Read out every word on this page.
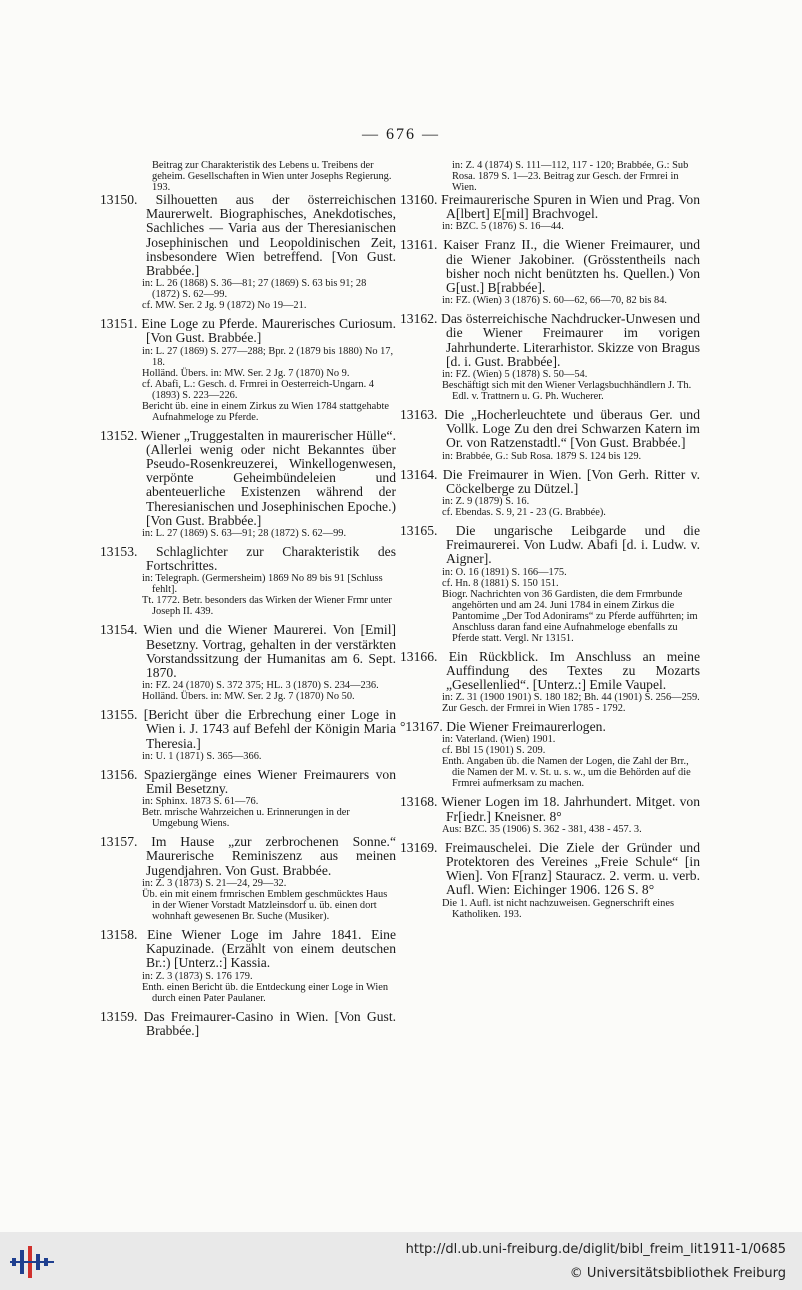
— 676 —
Beitrag zur Charakteristik des Lebens u. Treibens der geheim. Gesellschaften in Wien unter Josephs Regierung. 193.
13150. Silhouetten aus der österreichischen Maurerwelt. Biographisches, Anekdotisches, Sachliches — Varia aus der Theresianischen Josephinischen und Leopoldinischen Zeit, insbesondere Wien betreffend. [Von Gust. Brabbée.]
in: L. 26 (1868) S. 36—81; 27 (1869) S. 63 bis 91; 28 (1872) S. 62—99.
cf. MW. Ser. 2 Jg. 9 (1872) No 19—21.
13151. Eine Loge zu Pferde. Maurerisches Curiosum. [Von Gust. Brabbée.]
in: L. 27 (1869) S. 277—288; Bpr. 2 (1879 bis 1880) No 17, 18.
Holländ. Übers. in: MW. Ser. 2 Jg. 7 (1870) No 9.
cf. Abafi, L.: Gesch. d. Frmrei in Oesterreich-Ungarn. 4 (1893) S. 223—226.
Bericht üb. eine in einem Zirkus zu Wien 1784 stattgehabte Aufnahmeloge zu Pferde.
13152. Wiener „Truggestalten in maurerischer Hülle“. (Allerlei wenig oder nicht Bekanntes über Pseudo-Rosenkreuzerei, Winkellogenwesen, verpönte Geheimbündeleien und abenteuerliche Existenzen während der Theresianischen und Josephinischen Epoche.) [Von Gust. Brabbée.]
in: L. 27 (1869) S. 63—91; 28 (1872) S. 62—99.
13153. Schlaglichter zur Charakteristik des Fortschrittes.
in: Telegraph. (Germersheim) 1869 No 89 bis 91 [Schluss fehlt].
Tt. 1772. Betr. besonders das Wirken der Wiener Frmr unter Joseph II. 439.
13154. Wien und die Wiener Maurerei. Von [Emil] Besetzny. Vortrag, gehalten in der verstärkten Vorstandssitzung der Humanitas am 6. Sept. 1870.
in: FZ. 24 (1870) S. 372 375; HL. 3 (1870) S. 234—236.
Holländ. Übers. in: MW. Ser. 2 Jg. 7 (1870) No 50.
13155. [Bericht über die Erbrechung einer Loge in Wien i. J. 1743 auf Befehl der Königin Maria Theresia.]
in: U. 1 (1871) S. 365—366.
13156. Spaziergänge eines Wiener Freimaurers von Emil Besetzny.
in: Sphinx. 1873 S. 61—76.
Betr. mrische Wahrzeichen u. Erinnerungen in der Umgebung Wiens.
13157. Im Hause „zur zerbrochenen Sonne.“ Maurerische Reminiszenz aus meinen Jugendjahren. Von Gust. Brabbée.
in: Z. 3 (1873) S. 21—24, 29—32.
Üb. ein mit einem frmrischen Emblem geschmücktes Haus in der Wiener Vorstadt Matzleinsdorf u. üb. einen dort wohnhaft gewesenen Br. Suche (Musiker).
13158. Eine Wiener Loge im Jahre 1841. Eine Kapuzinade. (Erzählt von einem deutschen Br.:) [Unterz.:] Kassia.
in: Z. 3 (1873) S. 176 179.
Enth. einen Bericht üb. die Entdeckung einer Loge in Wien durch einen Pater Paulaner.
13159. Das Freimaurer-Casino in Wien. [Von Gust. Brabbée.]
in: Z. 4 (1874) S. 111—112, 117 - 120; Brabbée, G.: Sub Rosa. 1879 S. 1—23. Beitrag zur Gesch. der Frmrei in Wien.
13160. Freimaurerische Spuren in Wien und Prag. Von A[lbert] E[mil] Brachvogel.
in: BZC. 5 (1876) S. 16—44.
13161. Kaiser Franz II., die Wiener Freimaurer, und die Wiener Jakobiner. (Grösstentheils nach bisher noch nicht benützten hs. Quellen.) Von G[ust.] B[rabbée].
in: FZ. (Wien) 3 (1876) S. 60—62, 66—70, 82 bis 84.
13162. Das österreichische Nachdrucker-Unwesen und die Wiener Freimaurer im vorigen Jahrhunderte. Literarhistor. Skizze von Bragus [d. i. Gust. Brabbée].
in: FZ. (Wien) 5 (1878) S. 50—54.
Beschäftigt sich mit den Wiener Verlagsbuchhändlern J. Th. Edl. v. Trattnern u. G. Ph. Wucherer.
13163. Die „Hocherleuchtete und überaus Ger. und Vollk. Loge Zu den drei Schwarzen Katern im Or. von Ratzenstadtl.“ [Von Gust. Brabbée.]
in: Brabbée, G.: Sub Rosa. 1879 S. 124 bis 129.
13164. Die Freimaurer in Wien. [Von Gerh. Ritter v. Cöckelberge zu Dützel.]
in: Z. 9 (1879) S. 16.
cf. Ebendas. S. 9, 21 - 23 (G. Brabbée).
13165. Die ungarische Leibgarde und die Freimaurerei. Von Ludw. Abafi [d. i. Ludw. v. Aigner].
in: O. 16 (1891) S. 166—175.
cf. Hn. 8 (1881) S. 150 151.
Biogr. Nachrichten von 36 Gardisten, die dem Frmrbunde angehörten und am 24. Juni 1784 in einem Zirkus die Pantomime „Der Tod Adonirams“ zu Pferde aufführten; im Anschluss daran fand eine Aufnahmeloge ebenfalls zu Pferde statt. Vergl. Nr 13151.
13166. Ein Rückblick. Im Anschluss an meine Auffindung des Textes zu Mozarts „Gesellenlied“. [Unterz.:] Emile Vaupel.
in: Z. 31 (1900 1901) S. 180 182; Bh. 44 (1901) S. 256—259.
Zur Gesch. der Frmrei in Wien 1785 - 1792.
°13167. Die Wiener Freimaurerlogen.
in: Vaterland. (Wien) 1901.
cf. Bbl 15 (1901) S. 209.
Enth. Angaben üb. die Namen der Logen, die Zahl der Brr., die Namen der M. v. St. u. s. w., um die Behörden auf die Frmrei aufmerksam zu machen.
13168. Wiener Logen im 18. Jahrhundert. Mitget. von Fr[iedr.] Kneisner. 8°
Aus: BZC. 35 (1906) S. 362 - 381, 438 - 457. 3.
13169. Freimauschelei. Die Ziele der Gründer und Protektoren des Vereines „Freie Schule“ [in Wien]. Von F[ranz] Stauracz. 2. verm. u. verb. Aufl. Wien: Eichinger 1906. 126 S. 8°
Die 1. Aufl. ist nicht nachzuweisen. Gegnerschrift eines Katholiken. 193.
http://dl.ub.uni-freiburg.de/diglit/bibl_freim_lit1911-1/0685
© Universitätsbibliothek Freiburg
